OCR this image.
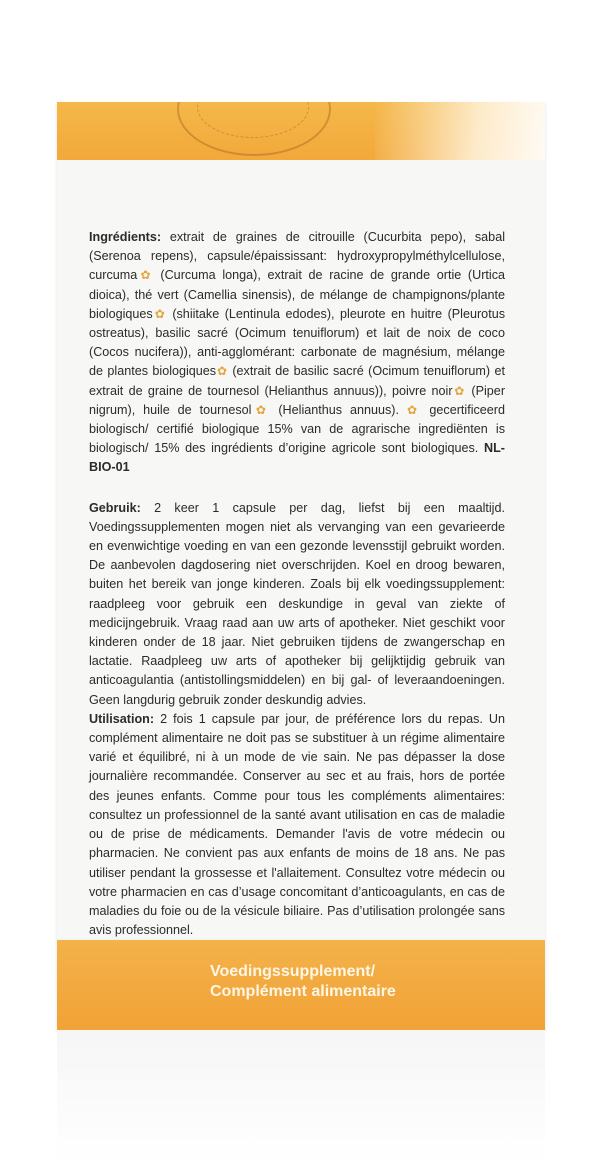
Ingrédients: extrait de graines de citrouille (Cucurbita pepo), sabal (Serenoa repens), capsule/épaississant: hydroxypropylméthylcellulose, curcuma✿ (Curcuma longa), extrait de racine de grande ortie (Urtica dioica), thé vert (Camellia sinensis), de mélange de champignons/plante biologiques✿ (shiitake (Lentinula edodes), pleurote en huitre (Pleurotus ostreatus), basilic sacré (Ocimum tenuiflorum) et lait de noix de coco (Cocos nucifera)), anti-agglomérant: carbonate de magnésium, mélange de plantes biologiques✿ (extrait de basilic sacré (Ocimum tenuiflorum) et extrait de graine de tournesol (Helianthus annuus)), poivre noir✿ (Piper nigrum), huile de tournesol✿ (Helianthus annuus). ✿ gecertificeerd biologisch/ certifié biologique 15% van de agrarische ingrediënten is biologisch/ 15% des ingrédients d’origine agricole sont biologiques. NL-BIO-01

Gebruik: 2 keer 1 capsule per dag, liefst bij een maaltijd. Voedingssupplementen mogen niet als vervanging van een gevarieerde en evenwichtige voeding en van een gezonde levensstijl gebruikt worden. De aanbevolen dagdosering niet overschrijden. Koel en droog bewaren, buiten het bereik van jonge kinderen. Zoals bij elk voedingssupplement: raadpleeg voor gebruik een deskundige in geval van ziekte of medicijngebruik. Vraag raad aan uw arts of apotheker. Niet geschikt voor kinderen onder de 18 jaar. Niet gebruiken tijdens de zwangerschap en lactatie. Raadpleeg uw arts of apotheker bij gelijktijdig gebruik van anticoagulantia (antistollingsmiddelen) en bij gal- of leveraandoeningen. Geen langdurig gebruik zonder deskundig advies.

Utilisation: 2 fois 1 capsule par jour, de préférence lors du repas. Un complément alimentaire ne doit pas se substituer à un régime alimentaire varié et équilibré, ni à un mode de vie sain. Ne pas dépasser la dose journalière recommandée. Conserver au sec et au frais, hors de portée des jeunes enfants. Comme pour tous les compléments alimentaires: consultez un professionnel de la santé avant utilisation en cas de maladie ou de prise de médicaments. Demander l'avis de votre médecin ou pharmacien. Ne convient pas aux enfants de moins de 18 ans. Ne pas utiliser pendant la grossesse et l'allaitement. Consultez votre médecin ou votre pharmacien en cas d’usage concomitant d’anticoagulants, en cas de maladies du foie ou de la vésicule biliaire. Pas d’utilisation prolongée sans avis professionnel.

Voedingssupplement/
Complément alimentaire
